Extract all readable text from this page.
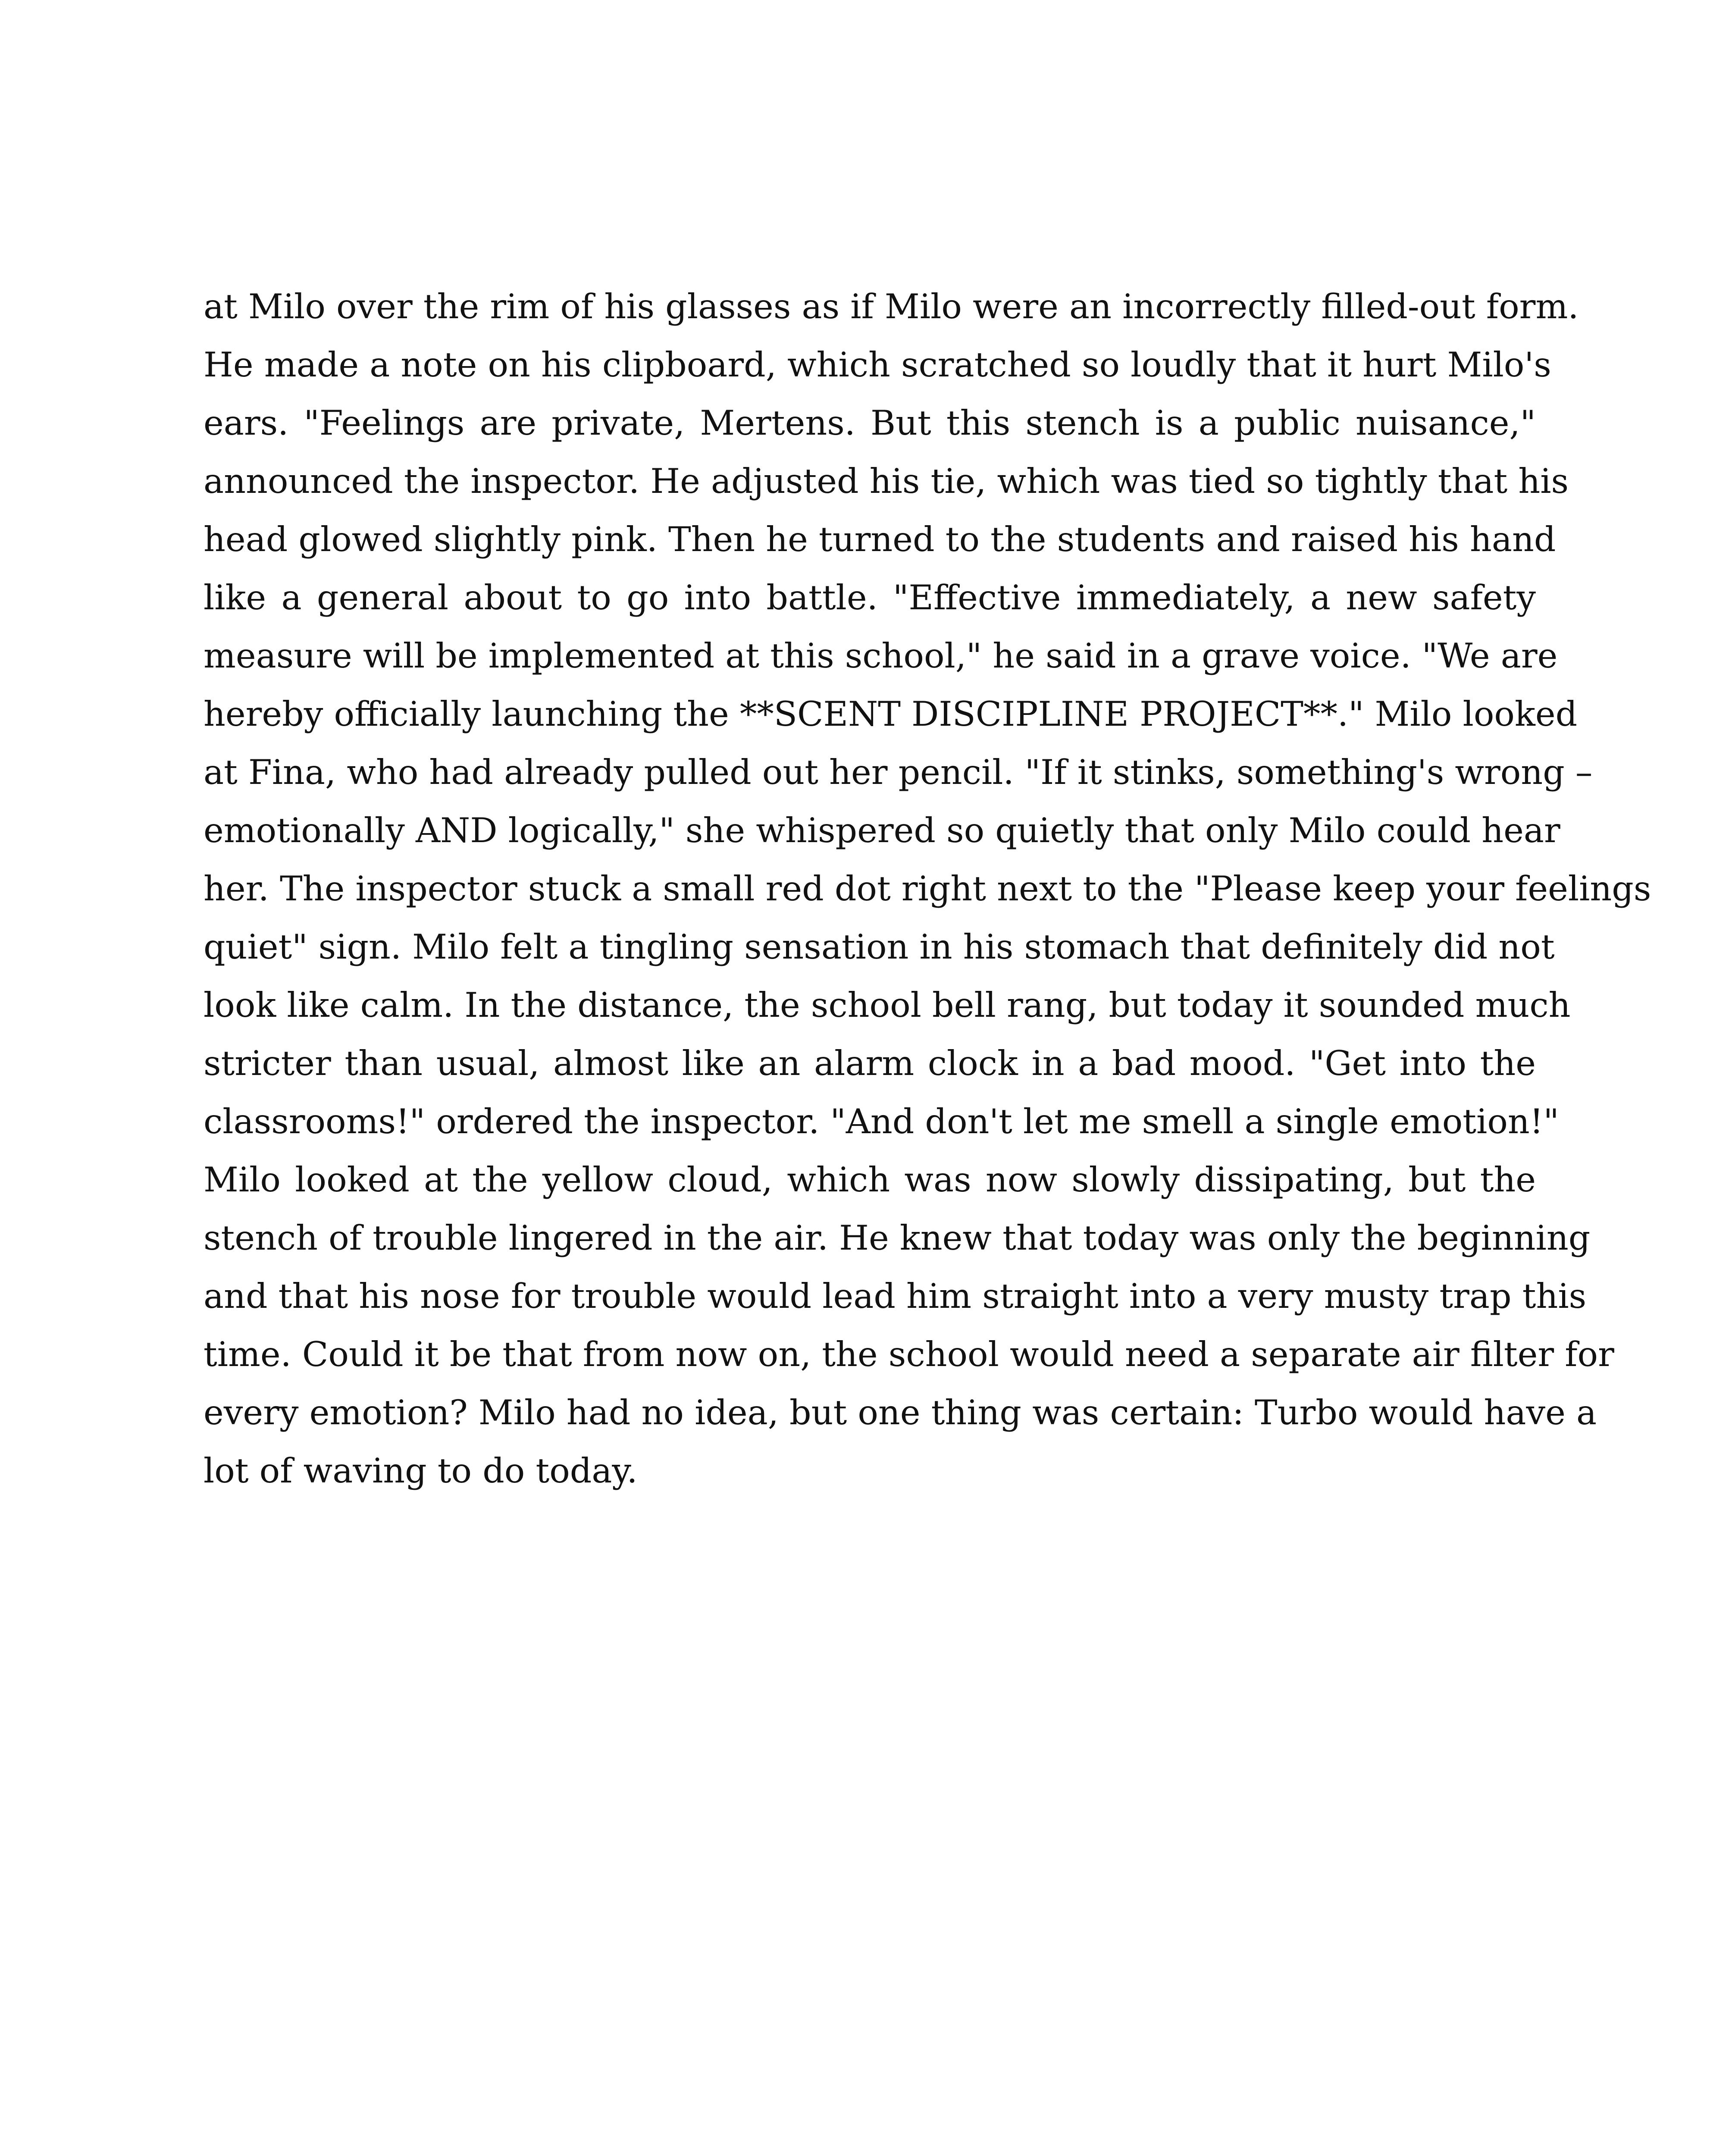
at Milo over the rim of his glasses as if Milo were an incorrectly filled-out form.
He made a note on his clipboard, which scratched so loudly that it hurt Milo's
ears. "Feelings are private, Mertens. But this stench is a public nuisance,"
announced the inspector. He adjusted his tie, which was tied so tightly that his
head glowed slightly pink. Then he turned to the students and raised his hand
like a general about to go into battle. "Effective immediately, a new safety
measure will be implemented at this school," he said in a grave voice. "We are
hereby officially launching the **SCENT DISCIPLINE PROJECT**." Milo looked
at Fina, who had already pulled out her pencil. "If it stinks, something's wrong –
emotionally AND logically," she whispered so quietly that only Milo could hear
her. The inspector stuck a small red dot right next to the "Please keep your feelings
quiet" sign. Milo felt a tingling sensation in his stomach that definitely did not
look like calm. In the distance, the school bell rang, but today it sounded much
stricter than usual, almost like an alarm clock in a bad mood. "Get into the
classrooms!" ordered the inspector. "And don't let me smell a single emotion!"
Milo looked at the yellow cloud, which was now slowly dissipating, but the
stench of trouble lingered in the air. He knew that today was only the beginning
and that his nose for trouble would lead him straight into a very musty trap this
time. Could it be that from now on, the school would need a separate air filter for
every emotion? Milo had no idea, but one thing was certain: Turbo would have a
lot of waving to do today.
